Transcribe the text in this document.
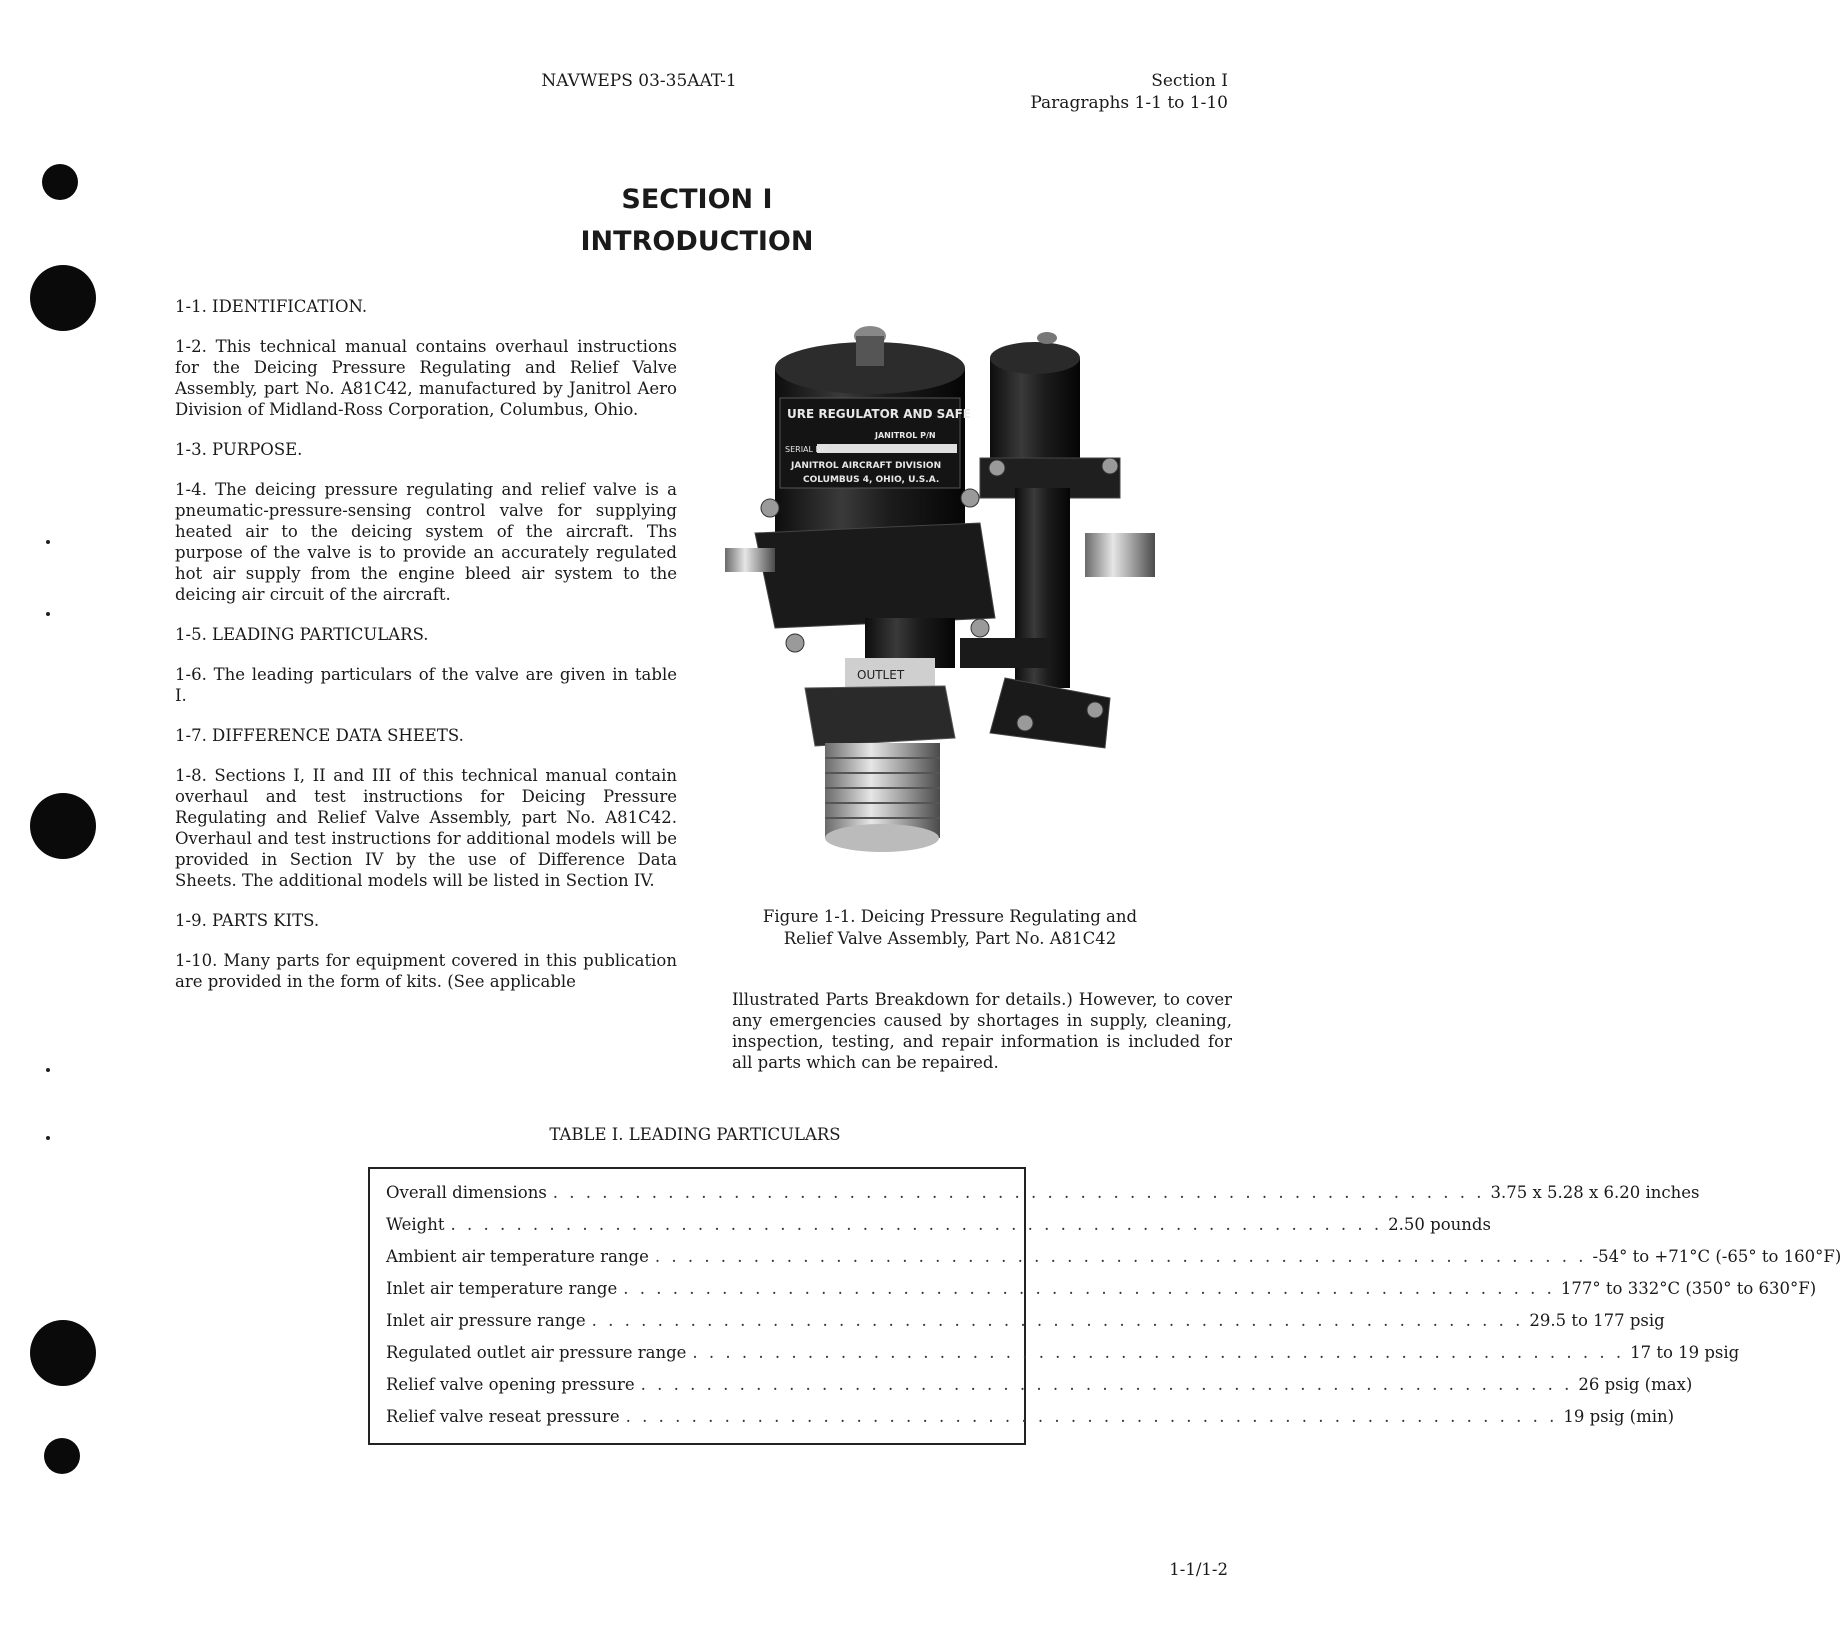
NAVWEPS 03-35AAT-1	Section I
Paragraphs 1-1 to 1-10
SECTION I
INTRODUCTION

1-1. IDENTIFICATION.

1-2. This technical manual contains overhaul instructions for the Deicing Pressure Regulating and Relief Valve Assembly, part No. A81C42, manufactured by Janitrol Aero Division of Midland-Ross Corporation, Columbus, Ohio.

1-3. PURPOSE.

1-4. The deicing pressure regulating and relief valve is a pneumatic-pressure-sensing control valve for supplying heated air to the deicing system of the aircraft. Ths purpose of the valve is to provide an accurately regulated hot air supply from the engine bleed air system to the deicing air circuit of the aircraft.

1-5. LEADING PARTICULARS.

1-6. The leading particulars of the valve are given in table I.

1-7. DIFFERENCE DATA SHEETS.

1-8. Sections I, II and III of this technical manual contain overhaul and test instructions for Deicing Pressure Regulating and Relief Valve Assembly, part No. A81C42. Overhaul and test instructions for additional models will be provided in Section IV by the use of Difference Data Sheets. The additional models will be listed in Section IV.

1-9. PARTS KITS.

1-10. Many parts for equipment covered in this publication are provided in the form of kits. (See applicable

URE REGULATOR AND SAFE
JANITROL P/N
SERIAL NO.
JANITROL AIRCRAFT DIVISION
COLUMBUS 4, OHIO, U.S.A.
OUTLET
Figure 1-1. Deicing Pressure Regulating and
Relief Valve Assembly, Part No. A81C42

Illustrated Parts Breakdown for details.) However, to cover any emergencies caused by shortages in supply, cleaning, inspection, testing, and repair information is included for all parts which can be repaired.

TABLE I. LEADING PARTICULARS
Overall dimensions . . . . . . . . . . . . . . . . . . . . . . . . . . . . . . . . . . . . . . . . . . . . . . . . . . . . . . . . . 3.75 x 5.28 x 6.20 inches
Weight . . . . . . . . . . . . . . . . . . . . . . . . . . . . . . . . . . . . . . . . . . . . . . . . . . . . . . . . . 2.50 pounds
Ambient air temperature range . . . . . . . . . . . . . . . . . . . . . . . . . . . . . . . . . . . . . . . . . . . . . . . . . . . . . . . . . -54° to +71°C (-65° to 160°F)
Inlet air temperature range . . . . . . . . . . . . . . . . . . . . . . . . . . . . . . . . . . . . . . . . . . . . . . . . . . . . . . . . . 177° to 332°C (350° to 630°F)
Inlet air pressure range . . . . . . . . . . . . . . . . . . . . . . . . . . . . . . . . . . . . . . . . . . . . . . . . . . . . . . . . . 29.5 to 177 psig
Regulated outlet air pressure range . . . . . . . . . . . . . . . . . . . . . . . . . . . . . . . . . . . . . . . . . . . . . . . . . . . . . . . . . 17 to 19 psig
Relief valve opening pressure . . . . . . . . . . . . . . . . . . . . . . . . . . . . . . . . . . . . . . . . . . . . . . . . . . . . . . . . . 26 psig (max)
Relief valve reseat pressure . . . . . . . . . . . . . . . . . . . . . . . . . . . . . . . . . . . . . . . . . . . . . . . . . . . . . . . . . 19 psig (min)
1-1/1-2
